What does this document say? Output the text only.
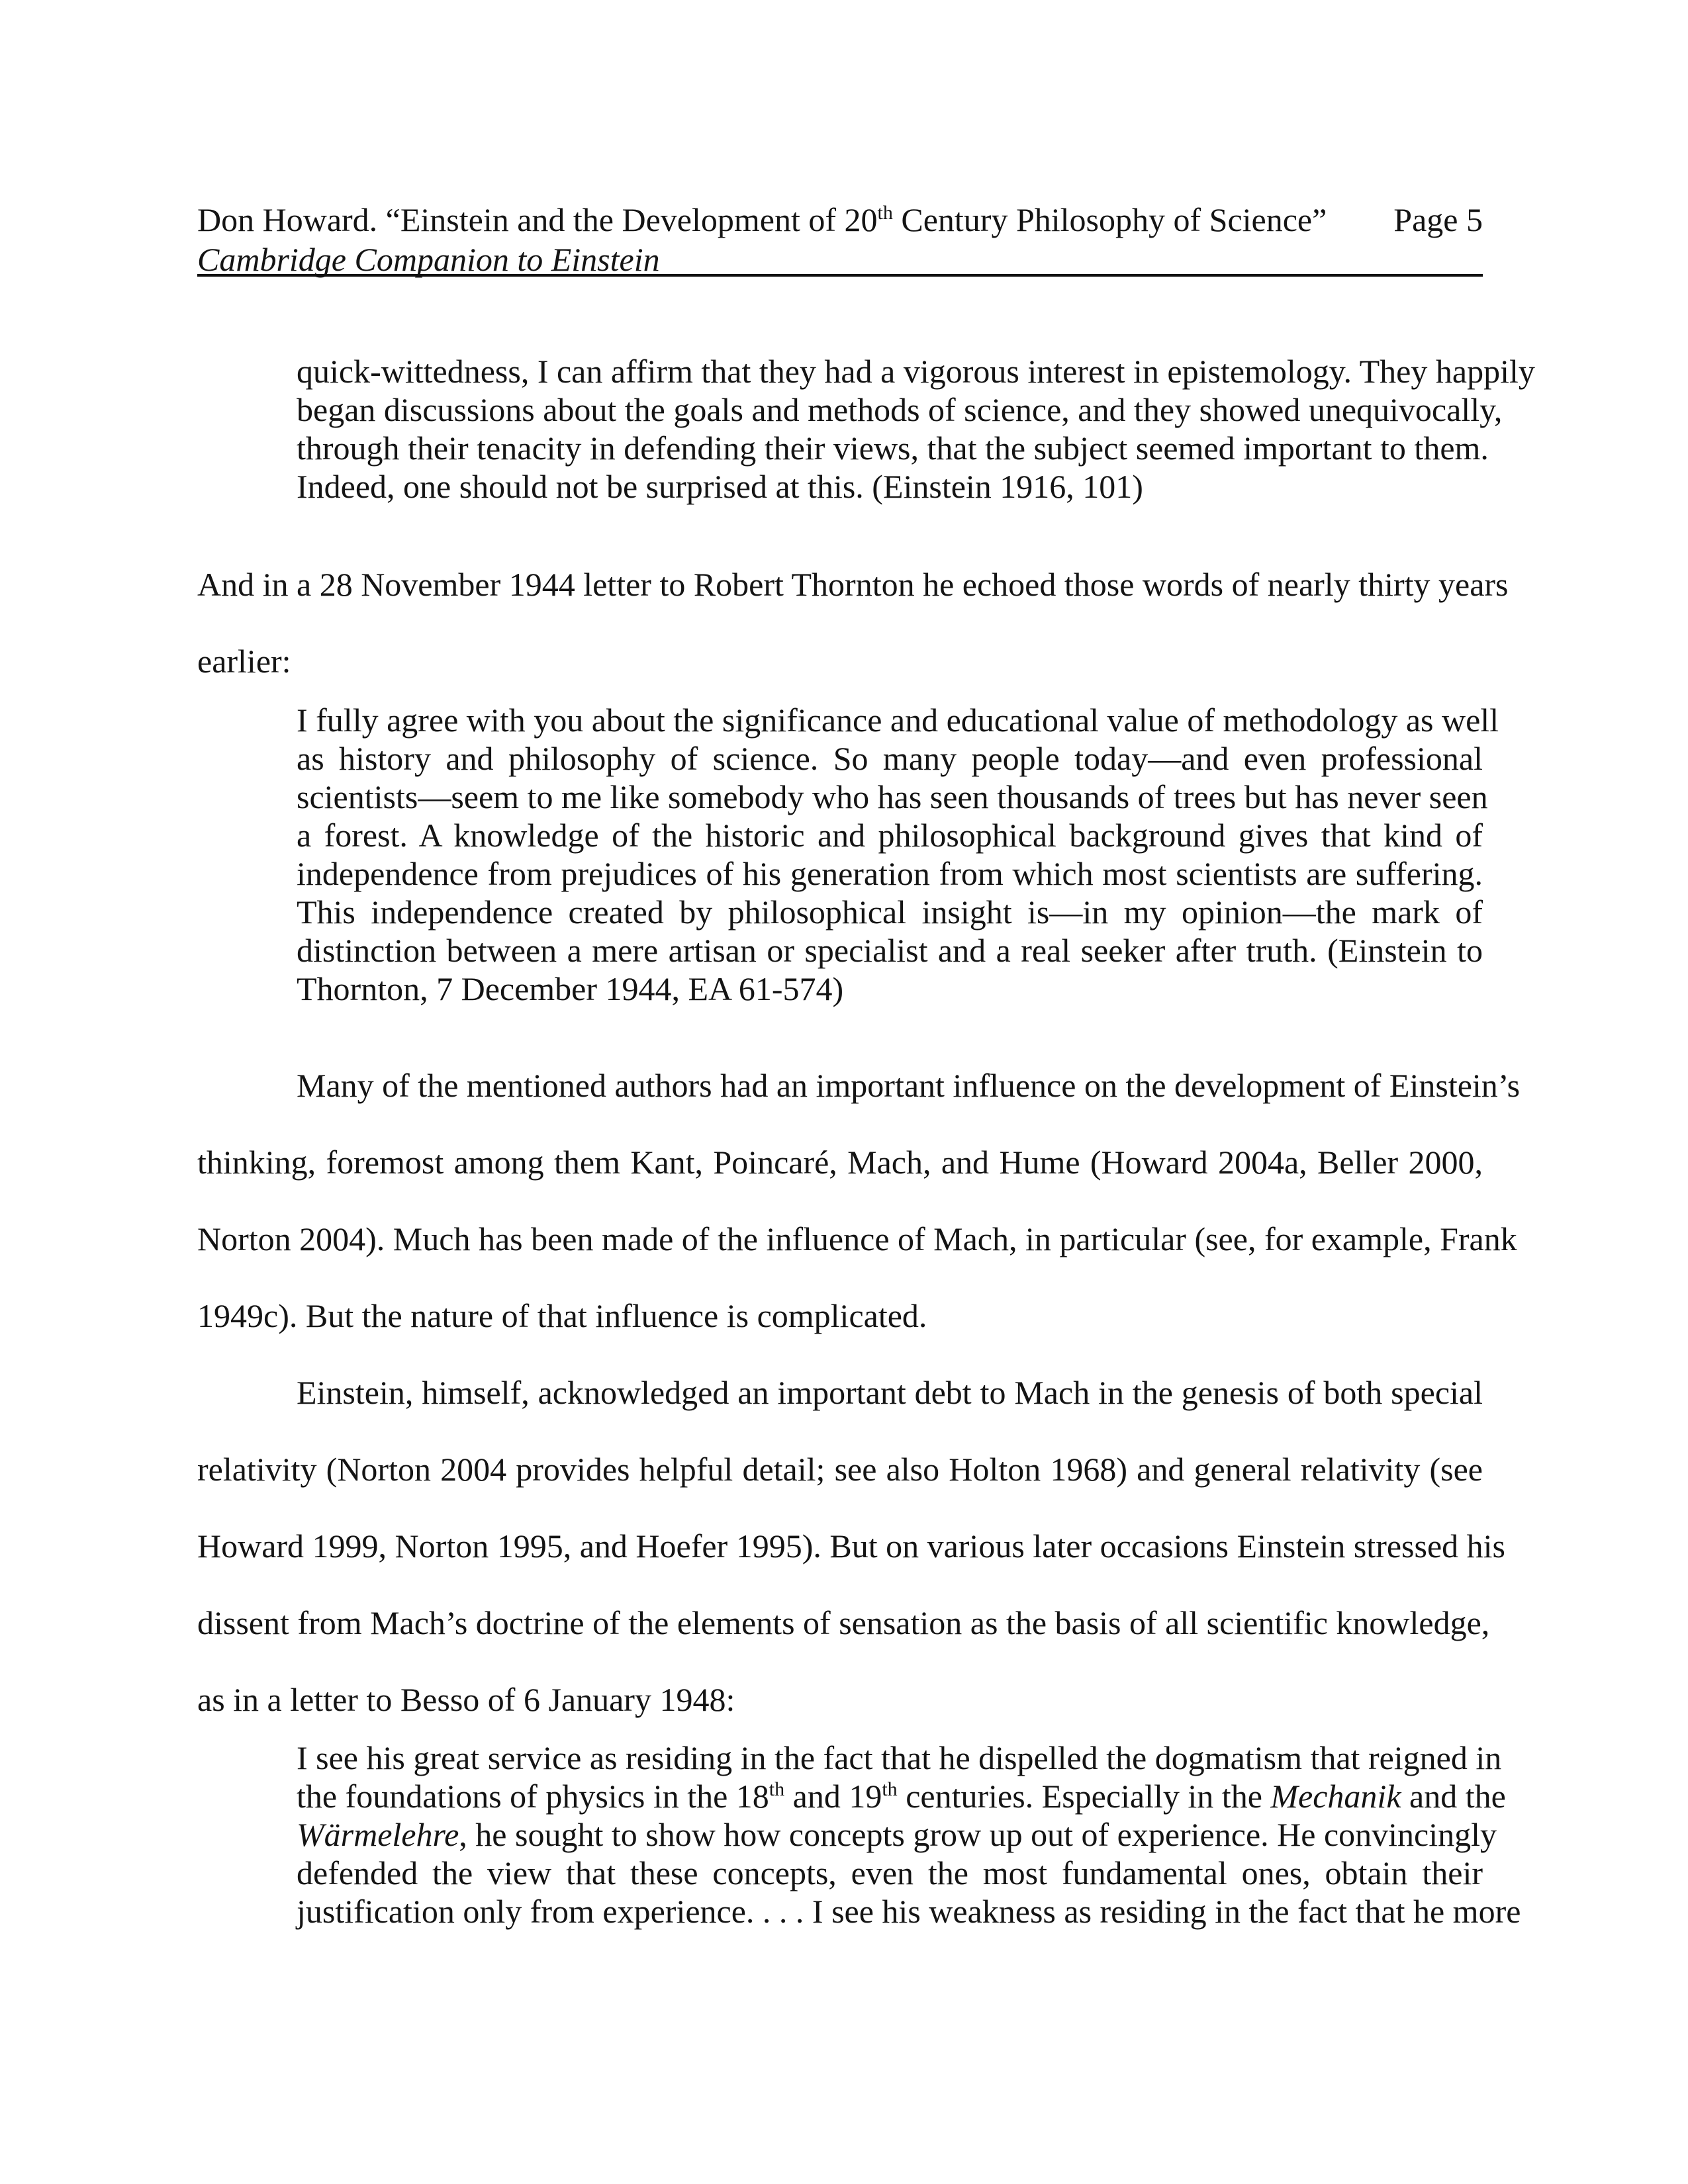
Don Howard. “Einstein and the Development of 20th Century Philosophy of Science” Page 5
Cambridge Companion to Einstein
quick-wittedness, I can affirm that they had a vigorous interest in epistemology. They happily
began discussions about the goals and methods of science, and they showed unequivocally,
through their tenacity in defending their views, that the subject seemed important to them.
Indeed, one should not be surprised at this. (Einstein 1916, 101)
And in a 28 November 1944 letter to Robert Thornton he echoed those words of nearly thirty years
earlier:
I fully agree with you about the significance and educational value of methodology as well
as history and philosophy of science. So many people today—and even professional
scientists—seem to me like somebody who has seen thousands of trees but has never seen
a forest. A knowledge of the historic and philosophical background gives that kind of
independence from prejudices of his generation from which most scientists are suffering.
This independence created by philosophical insight is—in my opinion—the mark of
distinction between a mere artisan or specialist and a real seeker after truth. (Einstein to
Thornton, 7 December 1944, EA 61-574)
Many of the mentioned authors had an important influence on the development of Einstein’s
thinking, foremost among them Kant, Poincaré, Mach, and Hume (Howard 2004a, Beller 2000,
Norton 2004). Much has been made of the influence of Mach, in particular (see, for example, Frank
1949c). But the nature of that influence is complicated.
Einstein, himself, acknowledged an important debt to Mach in the genesis of both special
relativity (Norton 2004 provides helpful detail; see also Holton 1968) and general relativity (see
Howard 1999, Norton 1995, and Hoefer 1995). But on various later occasions Einstein stressed his
dissent from Mach’s doctrine of the elements of sensation as the basis of all scientific knowledge,
as in a letter to Besso of 6 January 1948:
I see his great service as residing in the fact that he dispelled the dogmatism that reigned in
the foundations of physics in the 18th and 19th centuries. Especially in the Mechanik and the
Wärmelehre, he sought to show how concepts grow up out of experience. He convincingly
defended the view that these concepts, even the most fundamental ones, obtain their
justification only from experience. . . . I see his weakness as residing in the fact that he more
